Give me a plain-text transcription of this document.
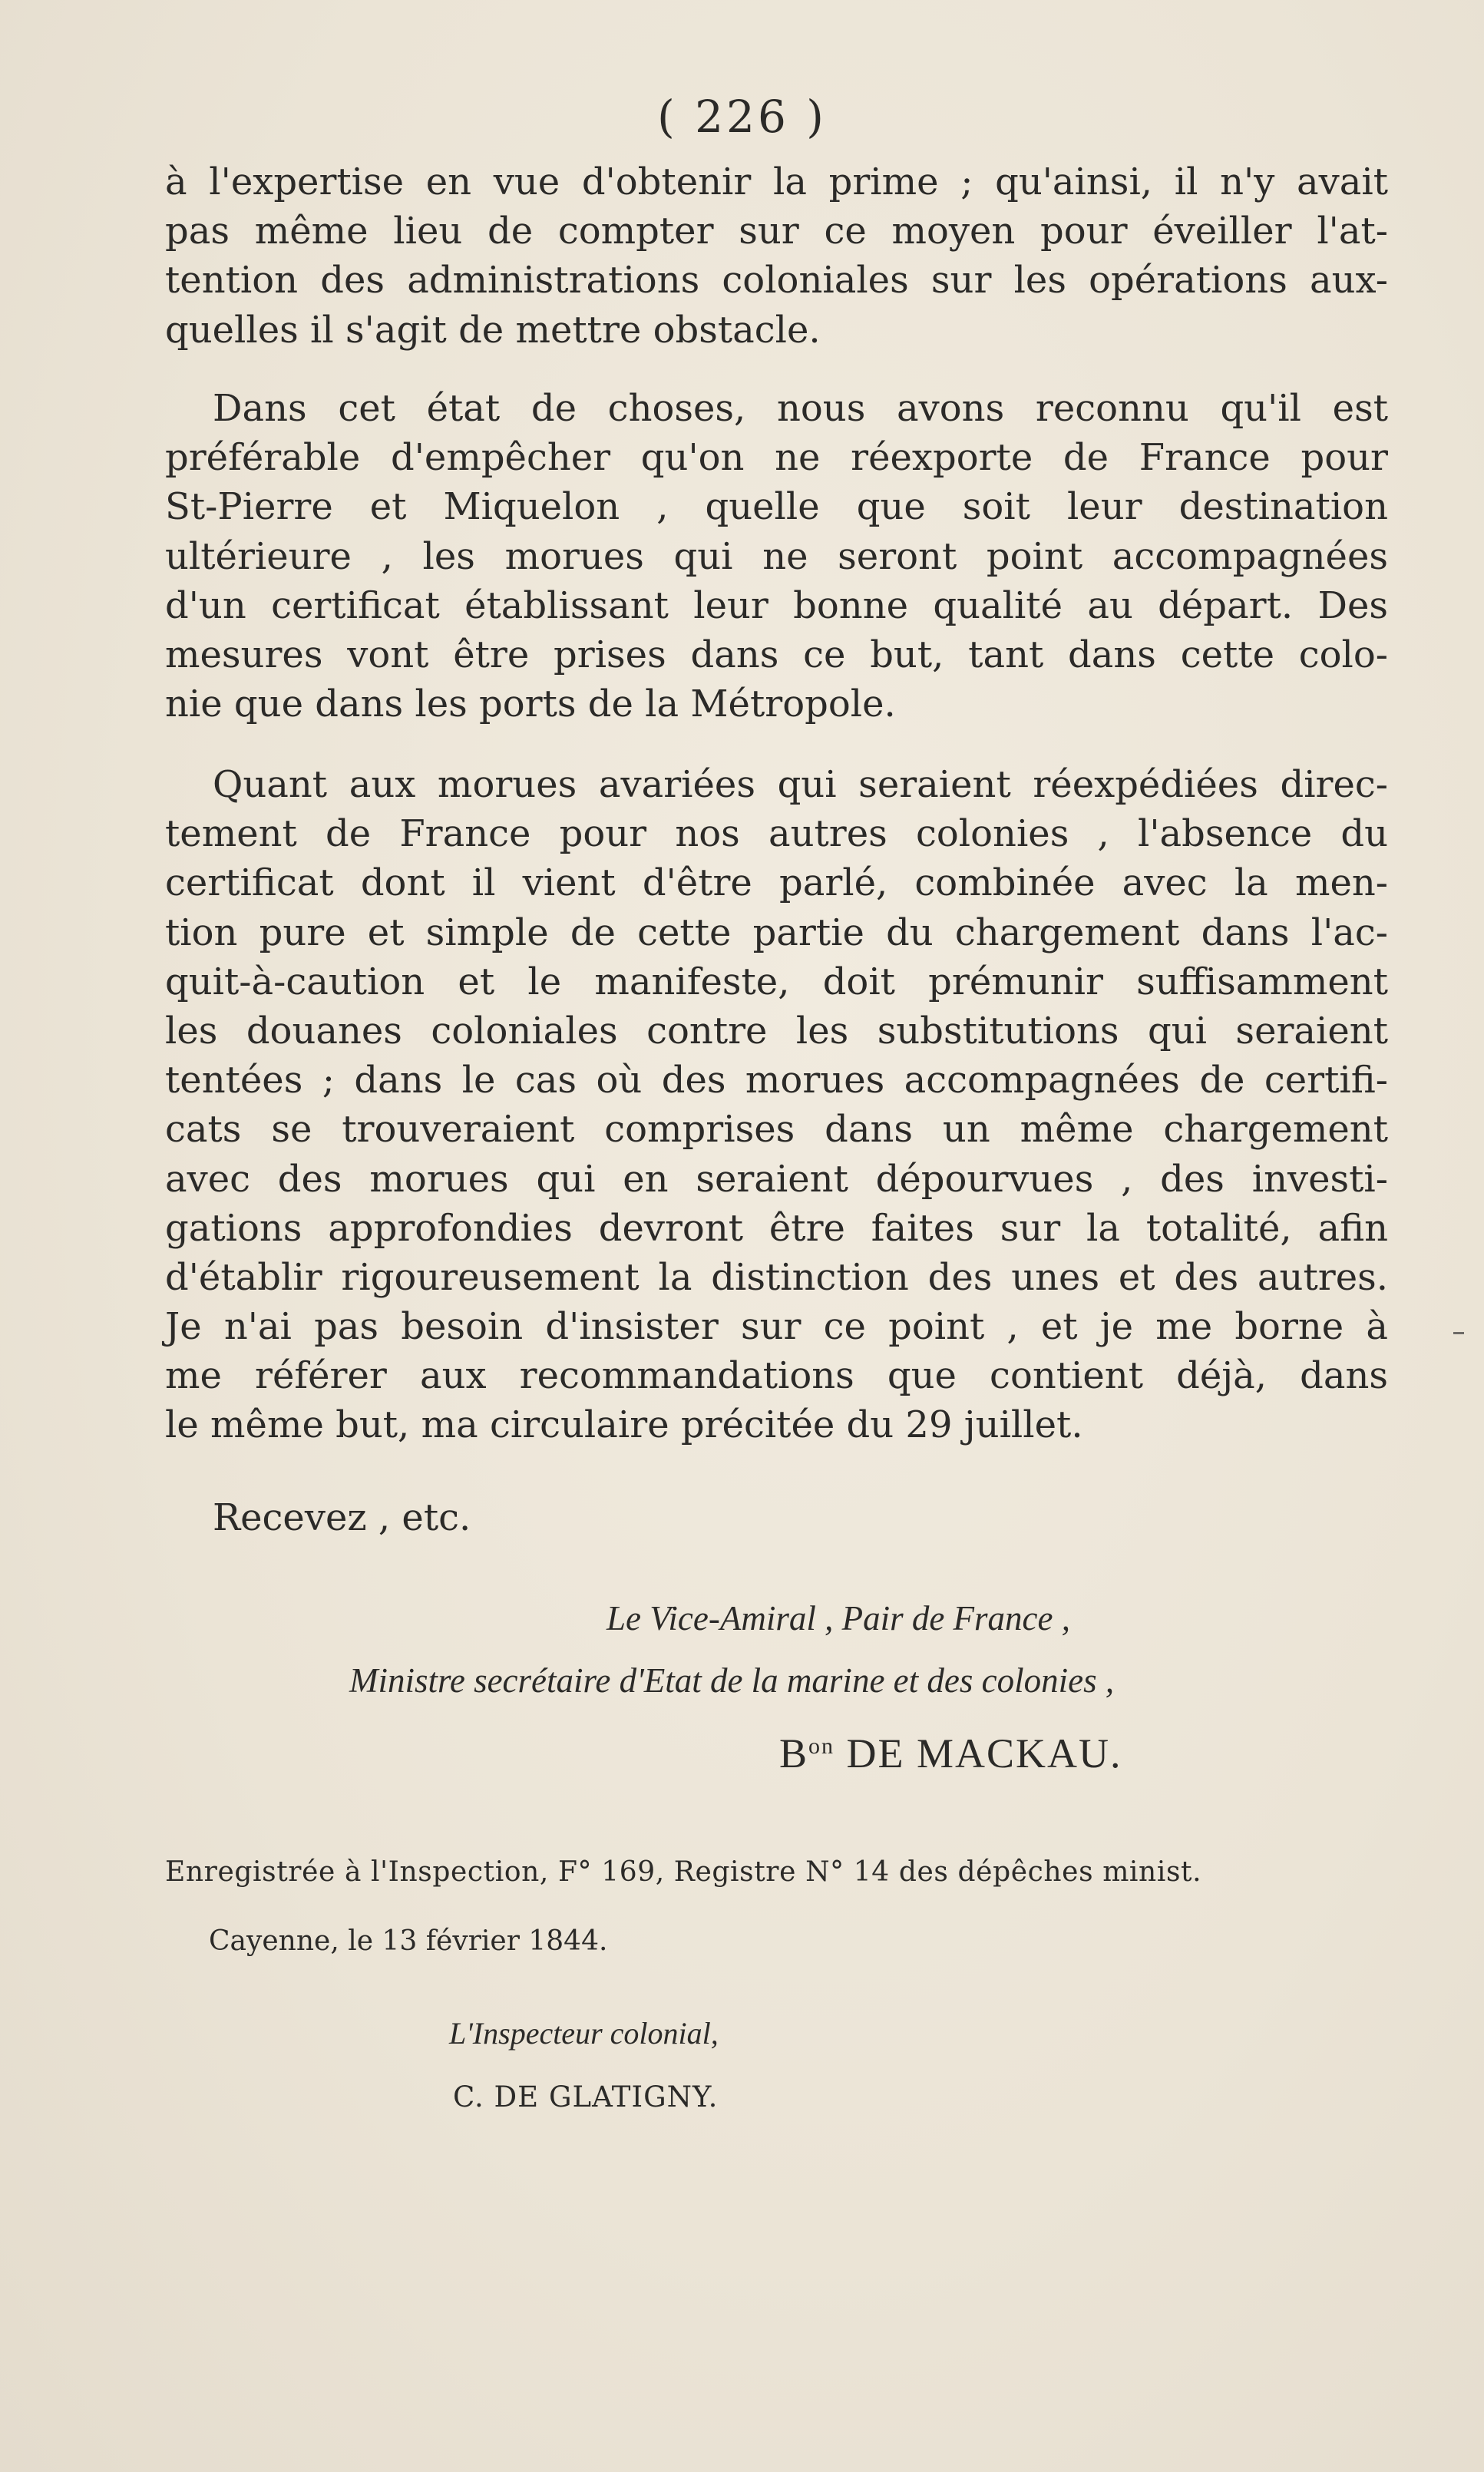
( 226 )
à l'expertise en vue d'obtenir la prime ; qu'ainsi, il n'y avait
pas même lieu de compter sur ce moyen pour éveiller l'at-
tention des administrations coloniales sur les opérations aux-
quelles il s'agit de mettre obstacle.
Dans cet état de choses, nous avons reconnu qu'il est
préférable d'empêcher qu'on ne réexporte de France pour
St-Pierre et Miquelon , quelle que soit leur destination
ultérieure , les morues qui ne seront point accompagnées
d'un certificat établissant leur bonne qualité au départ. Des
mesures vont être prises dans ce but, tant dans cette colo-
nie que dans les ports de la Métropole.
Quant aux morues avariées qui seraient réexpédiées direc-
tement de France pour nos autres colonies , l'absence du
certificat dont il vient d'être parlé, combinée avec la men-
tion pure et simple de cette partie du chargement dans l'ac-
quit-à-caution et le manifeste, doit prémunir suffisamment
les douanes coloniales contre les substitutions qui seraient
tentées ; dans le cas où des morues accompagnées de certifi-
cats se trouveraient comprises dans un même chargement
avec des morues qui en seraient dépourvues , des investi-
gations approfondies devront être faites sur la totalité, afin
d'établir rigoureusement la distinction des unes et des autres.
Je n'ai pas besoin d'insister sur ce point , et je me borne à
me référer aux recommandations que contient déjà, dans
le même but, ma circulaire précitée du 29 juillet.
Recevez , etc.
Le Vice-Amiral , Pair de France ,
Ministre secrétaire d'Etat de la marine et des colonies ,
$B^{on}$ DE MACKAU.
Enregistrée à l'Inspection, F° 169, Registre N° 14 des dépêches minist.
Cayenne, le 13 février 1844.
L'Inspecteur colonial,
C. DE GLATIGNY.
